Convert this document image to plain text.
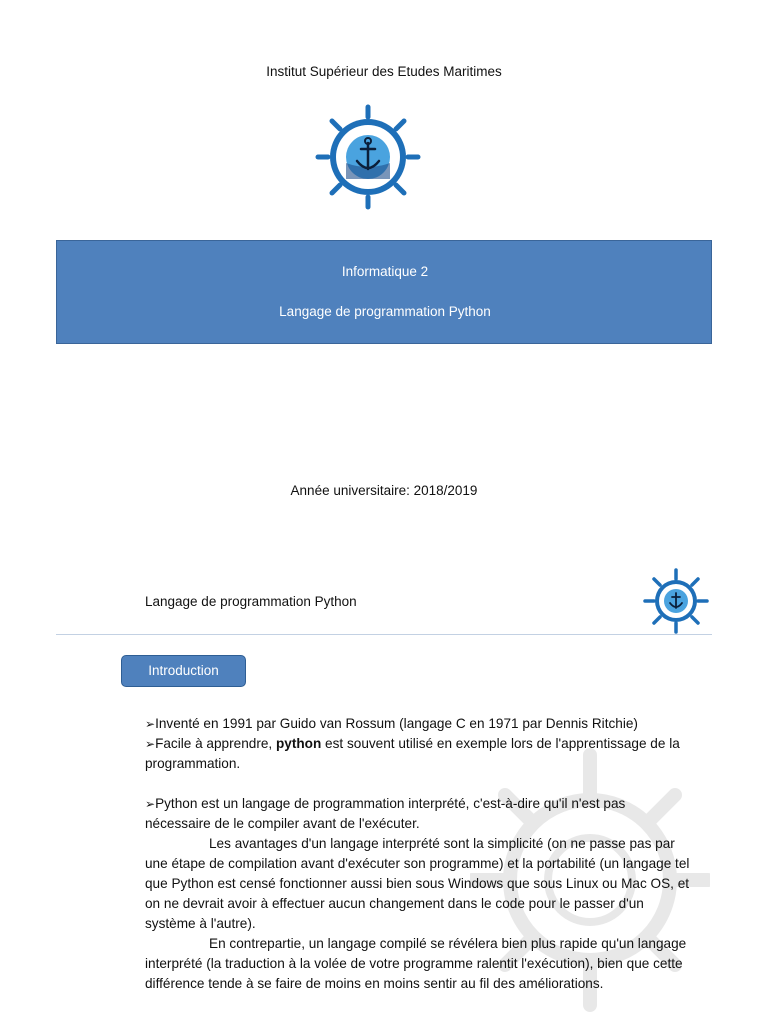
Institut Supérieur des Etudes Maritimes
Informatique 2
Langage de programmation Python
Année universitaire: 2018/2019
Langage de programmation Python
Introduction

➢Inventé en 1991 par Guido van Rossum (langage C en 1971 par Dennis Ritchie)

➢Facile à apprendre, python est souvent utilisé en exemple lors de l'apprentissage de la programmation.

➢Python est un langage de programmation interprété, c'est-à-dire qu'il n'est pas nécessaire de le compiler avant de l'exécuter.

Les avantages d'un langage interprété sont la simplicité (on ne passe pas par une étape de compilation avant d'exécuter son programme) et la portabilité (un langage tel que Python est censé fonctionner aussi bien sous Windows que sous Linux ou Mac OS, et on ne devrait avoir à effectuer aucun changement dans le code pour le passer d'un système à l'autre).

En contrepartie, un langage compilé se révélera bien plus rapide qu'un langage interprété (la traduction à la volée de votre programme ralentit l'exécution), bien que cette différence tende à se faire de moins en moins sentir au fil des améliorations.
